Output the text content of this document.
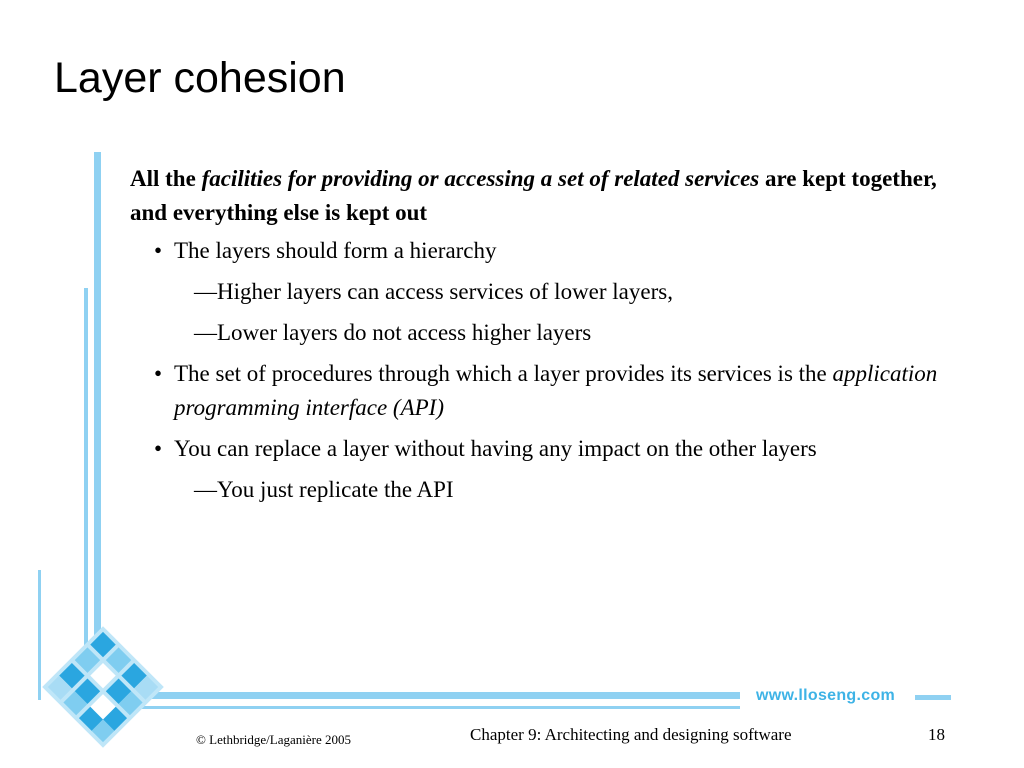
Layer cohesion
www.lloseng.com

All the facilities for providing or accessing a set of related services are kept together, and everything else is kept out

• The layers should form a hierarchy

—Higher layers can access services of lower layers,

—Lower layers do not access higher layers

• The set of procedures through which a layer provides its services is the application programming interface (API)

• You can replace a layer without having any impact on the other layers

—You just replicate the API

© Lethbridge/Laganière 2005	Chapter 9: Architecting and designing software	18
